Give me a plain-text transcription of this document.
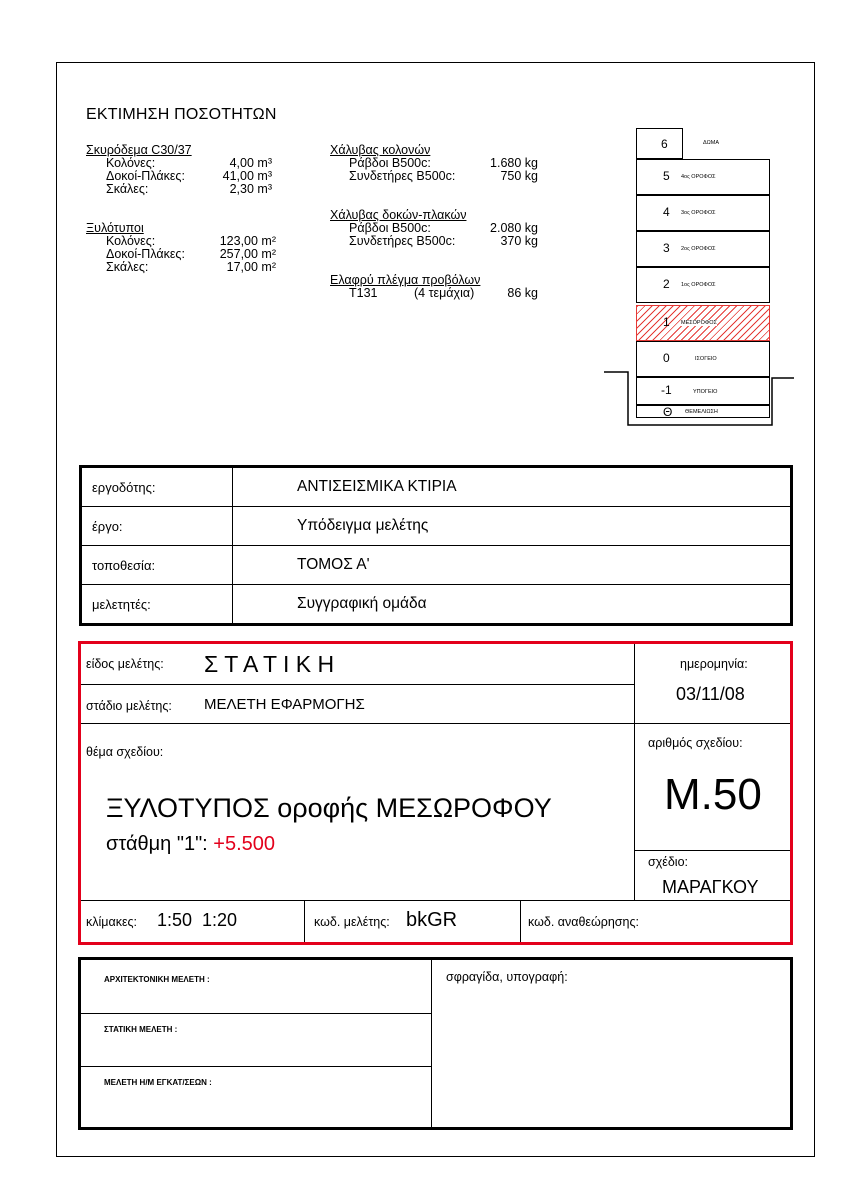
ΕΚΤΙΜΗΣΗ ΠΟΣΟΤΗΤΩΝ
Σκυρόδεμα C30/37
Κολόνες:	4,00 m³
Δοκοί-Πλάκες:	41,00 m³
Σκάλες:	2,30 m³
Ξυλότυποι
Κολόνες:	123,00 m²
Δοκοί-Πλάκες:	257,00 m²
Σκάλες:	17,00 m²
Χάλυβας κολονών
Ράβδοι B500c:	1.680 kg
Συνδετήρες B500c:	750 kg
Χάλυβας δοκών-πλακών
Ράβδοι B500c:	2.080 kg
Συνδετήρες B500c:	370 kg
Ελαφρύ πλέγμα προβόλων
T131	(4 τεμάχια)	86 kg
6	ΔΩΜΑ
5 4ος ΟΡΟΦΟΣ
4 3ος ΟΡΟΦΟΣ
3 2ος ΟΡΟΦΟΣ
2 1ος ΟΡΟΦΟΣ
1 ΜΕΣΟΡΟΦΟΣ
0	ΙΣΟΓΕΙΟ
-1	ΥΠΟΓΕΙΟ
Θ ΘΕΜΕΛΙΩΣΗ
εργοδότης:	ΑΝΤΙΣΕΙΣΜΙΚΑ ΚΤΙΡΙΑ
έργο:	Υπόδειγμα μελέτης
τοποθεσία:	ΤΟΜΟΣ Α'
μελετητές:	Συγγραφική ομάδα
είδος μελέτης: Σ Τ Α Τ Ι Κ Η
στάδιο μελέτης: ΜΕΛΕΤΗ ΕΦΑΡΜΟΓΗΣ
θέμα σχεδίου:
ΞΥΛΟΤΥΠΟΣ οροφής ΜΕΣΩΡΟΦΟΥ
στάθμη "1": +5.500
ημερομηνία:
03/11/08
αριθμός σχεδίου:
Μ.50
σχέδιο:
ΜΑΡΑΓΚΟΥ
κλίμακες: 1:50  1:20	κωδ. μελέτης: bkGR	κωδ. αναθεώρησης:
ΑΡΧΙΤΕΚΤΟΝΙΚΗ ΜΕΛΕΤΗ :
ΣΤΑΤΙΚΗ ΜΕΛΕΤΗ :
ΜΕΛΕΤΗ Η/Μ ΕΓΚΑΤ/ΣΕΩΝ :
σφραγίδα, υπογραφή:
